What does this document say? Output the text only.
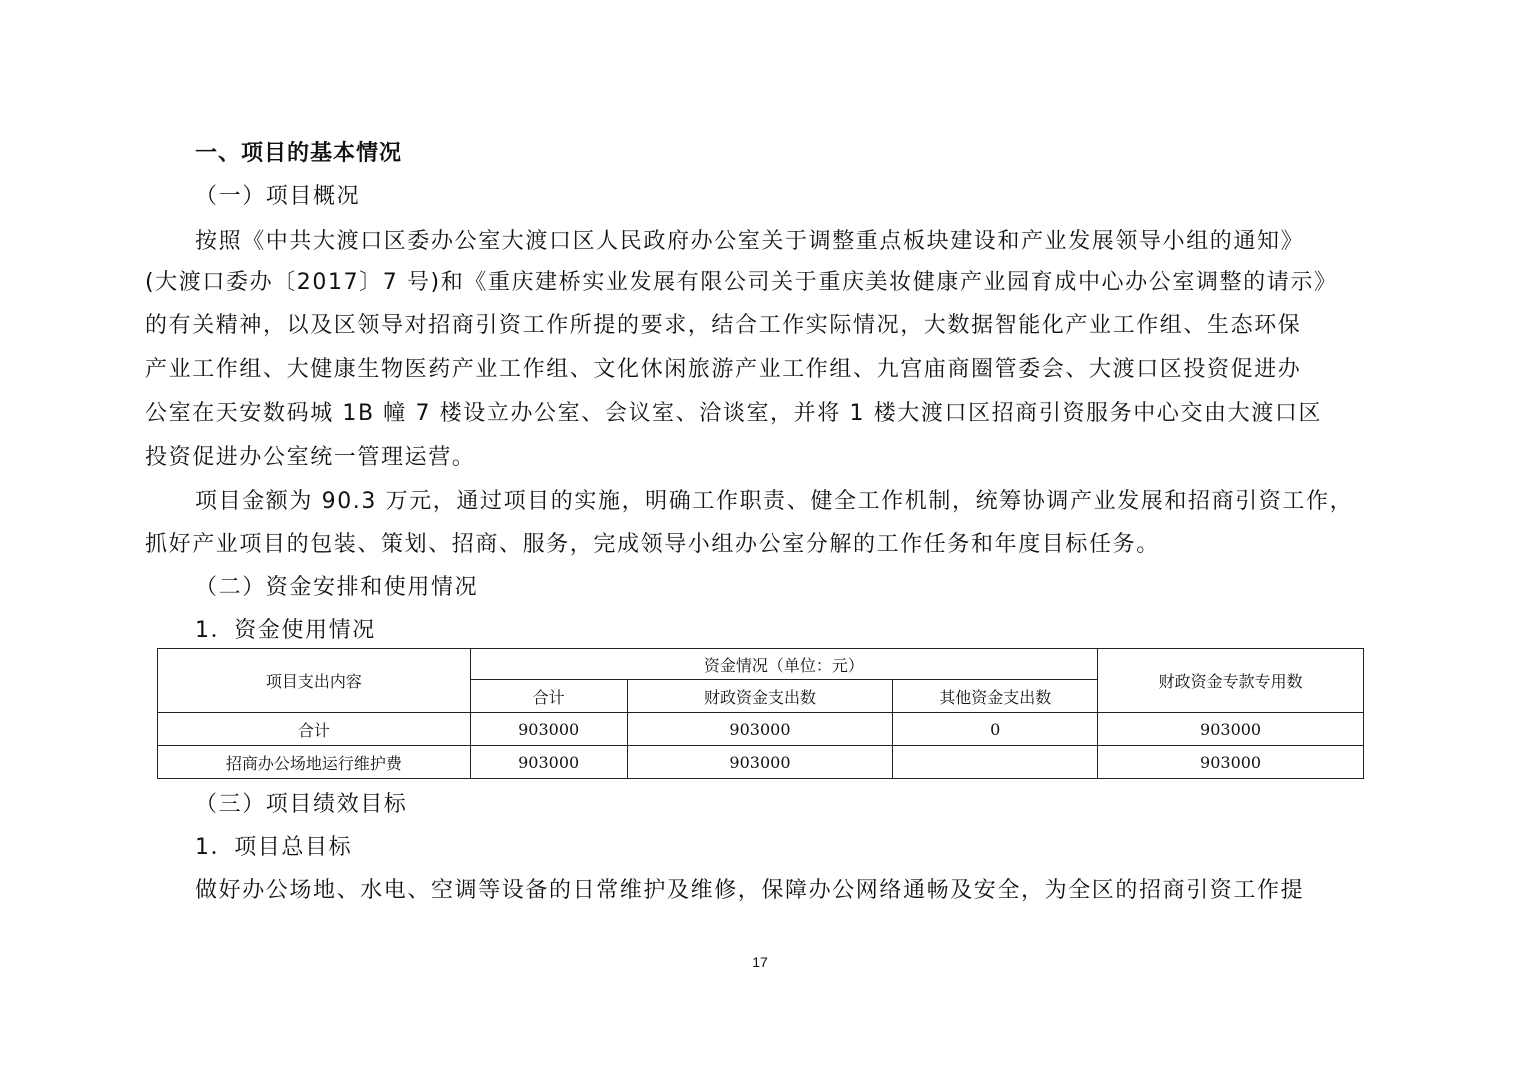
一、项目的基本情况
（一）项目概况
按照《中共大渡口区委办公室大渡口区人民政府办公室关于调整重点板块建设和产业发展领导小组的通知》
(大渡口委办〔2017〕7 号)和《重庆建桥实业发展有限公司关于重庆美妆健康产业园育成中心办公室调整的请示》
的有关精神，以及区领导对招商引资工作所提的要求，结合工作实际情况，大数据智能化产业工作组、生态环保
产业工作组、大健康生物医药产业工作组、文化休闲旅游产业工作组、九宫庙商圈管委会、大渡口区投资促进办
公室在天安数码城 1B 幢 7 楼设立办公室、会议室、洽谈室，并将 1 楼大渡口区招商引资服务中心交由大渡口区
投资促进办公室统一管理运营。
项目金额为 90.3 万元，通过项目的实施，明确工作职责、健全工作机制，统筹协调产业发展和招商引资工作，
抓好产业项目的包装、策划、招商、服务，完成领导小组办公室分解的工作任务和年度目标任务。
（二）资金安排和使用情况
1．资金使用情况
项目支出内容	资金情况（单位：元）			财政资金专款专用数
	合计	财政资金支出数	其他资金支出数	
合计	903000	903000	0	903000
招商办公场地运行维护费	903000	903000		903000
（三）项目绩效目标
1．项目总目标
做好办公场地、水电、空调等设备的日常维护及维修，保障办公网络通畅及安全，为全区的招商引资工作提
17
